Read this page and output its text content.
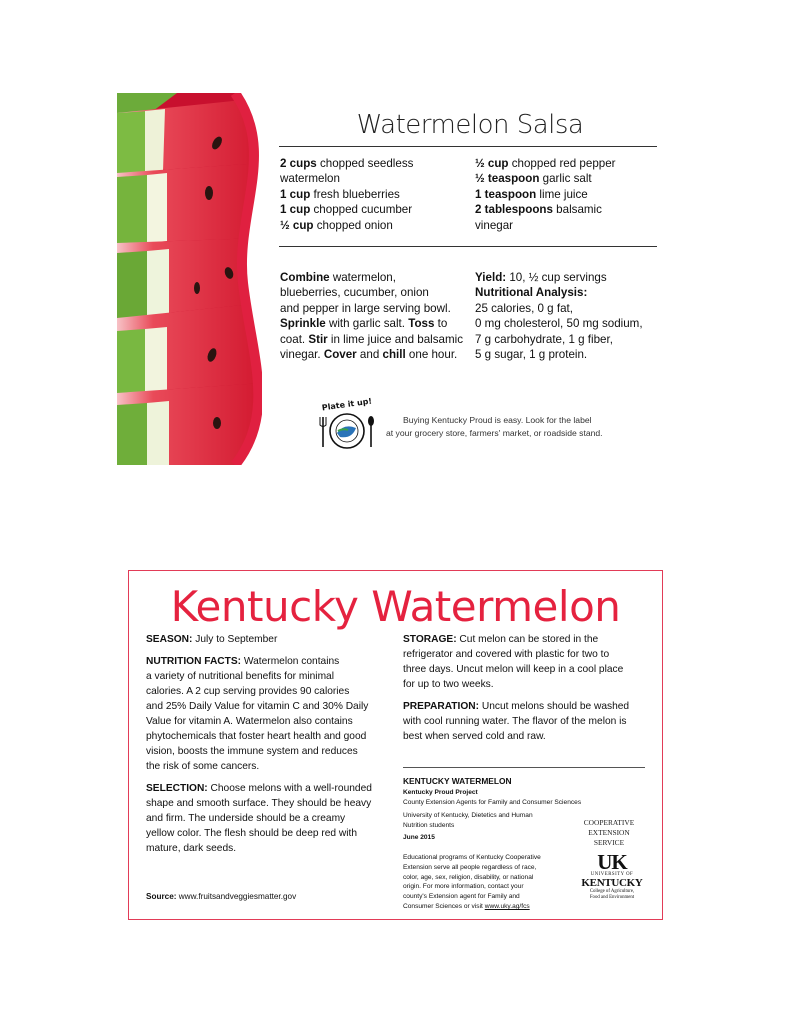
Watermelon Salsa
2 cups chopped seedless
watermelon
1 cup fresh blueberries
1 cup chopped cucumber
½ cup chopped onion
½ cup chopped red pepper
½ teaspoon garlic salt
1 teaspoon lime juice
2 tablespoons balsamic
vinegar
Combine watermelon,
blueberries, cucumber, onion
and pepper in large serving bowl.
Sprinkle with garlic salt. Toss to
coat. Stir in lime juice and balsamic
vinegar. Cover and chill one hour.
Yield: 10, ½ cup servings
Nutritional Analysis:
25 calories, 0 g fat,
0 mg cholesterol, 50 mg sodium,
7 g carbohydrate, 1 g fiber,
5 g sugar, 1 g protein.
Plate it up!
Buying Kentucky Proud is easy. Look for the label
at your grocery store, farmers' market, or roadside stand.
Kentucky Watermelon
SEASON: July to September
NUTRITION FACTS: Watermelon contains
a variety of nutritional benefits for minimal
calories. A 2 cup serving provides 90 calories
and 25% Daily Value for vitamin C and 30% Daily
Value for vitamin A. Watermelon also contains
phytochemicals that foster heart health and good
vision, boosts the immune system and reduces
the risk of some cancers.
SELECTION: Choose melons with a well-rounded
shape and smooth surface. They should be heavy
and firm. The underside should be a creamy
yellow color. The flesh should be deep red with
mature, dark seeds.
STORAGE: Cut melon can be stored in the
refrigerator and covered with plastic for two to
three days. Uncut melon will keep in a cool place
for up to two weeks.
PREPARATION: Uncut melons should be washed
with cool running water. The flavor of the melon is
best when served cold and raw.
Source: www.fruitsandveggiesmatter.gov
KENTUCKY WATERMELON
Kentucky Proud Project
County Extension Agents for Family and Consumer Sciences
University of Kentucky, Dietetics and Human
Nutrition students
June 2015
Educational programs of Kentucky Cooperative
Extension serve all people regardless of race,
color, age, sex, religion, disability, or national
origin. For more information, contact your
county's Extension agent for Family and
Consumer Sciences or visit www.uky.ag/fcs
COOPERATIVE
EXTENSION
SERVICE
UK
UNIVERSITY OF
KENTUCKY
College of Agriculture,
Food and Environment
